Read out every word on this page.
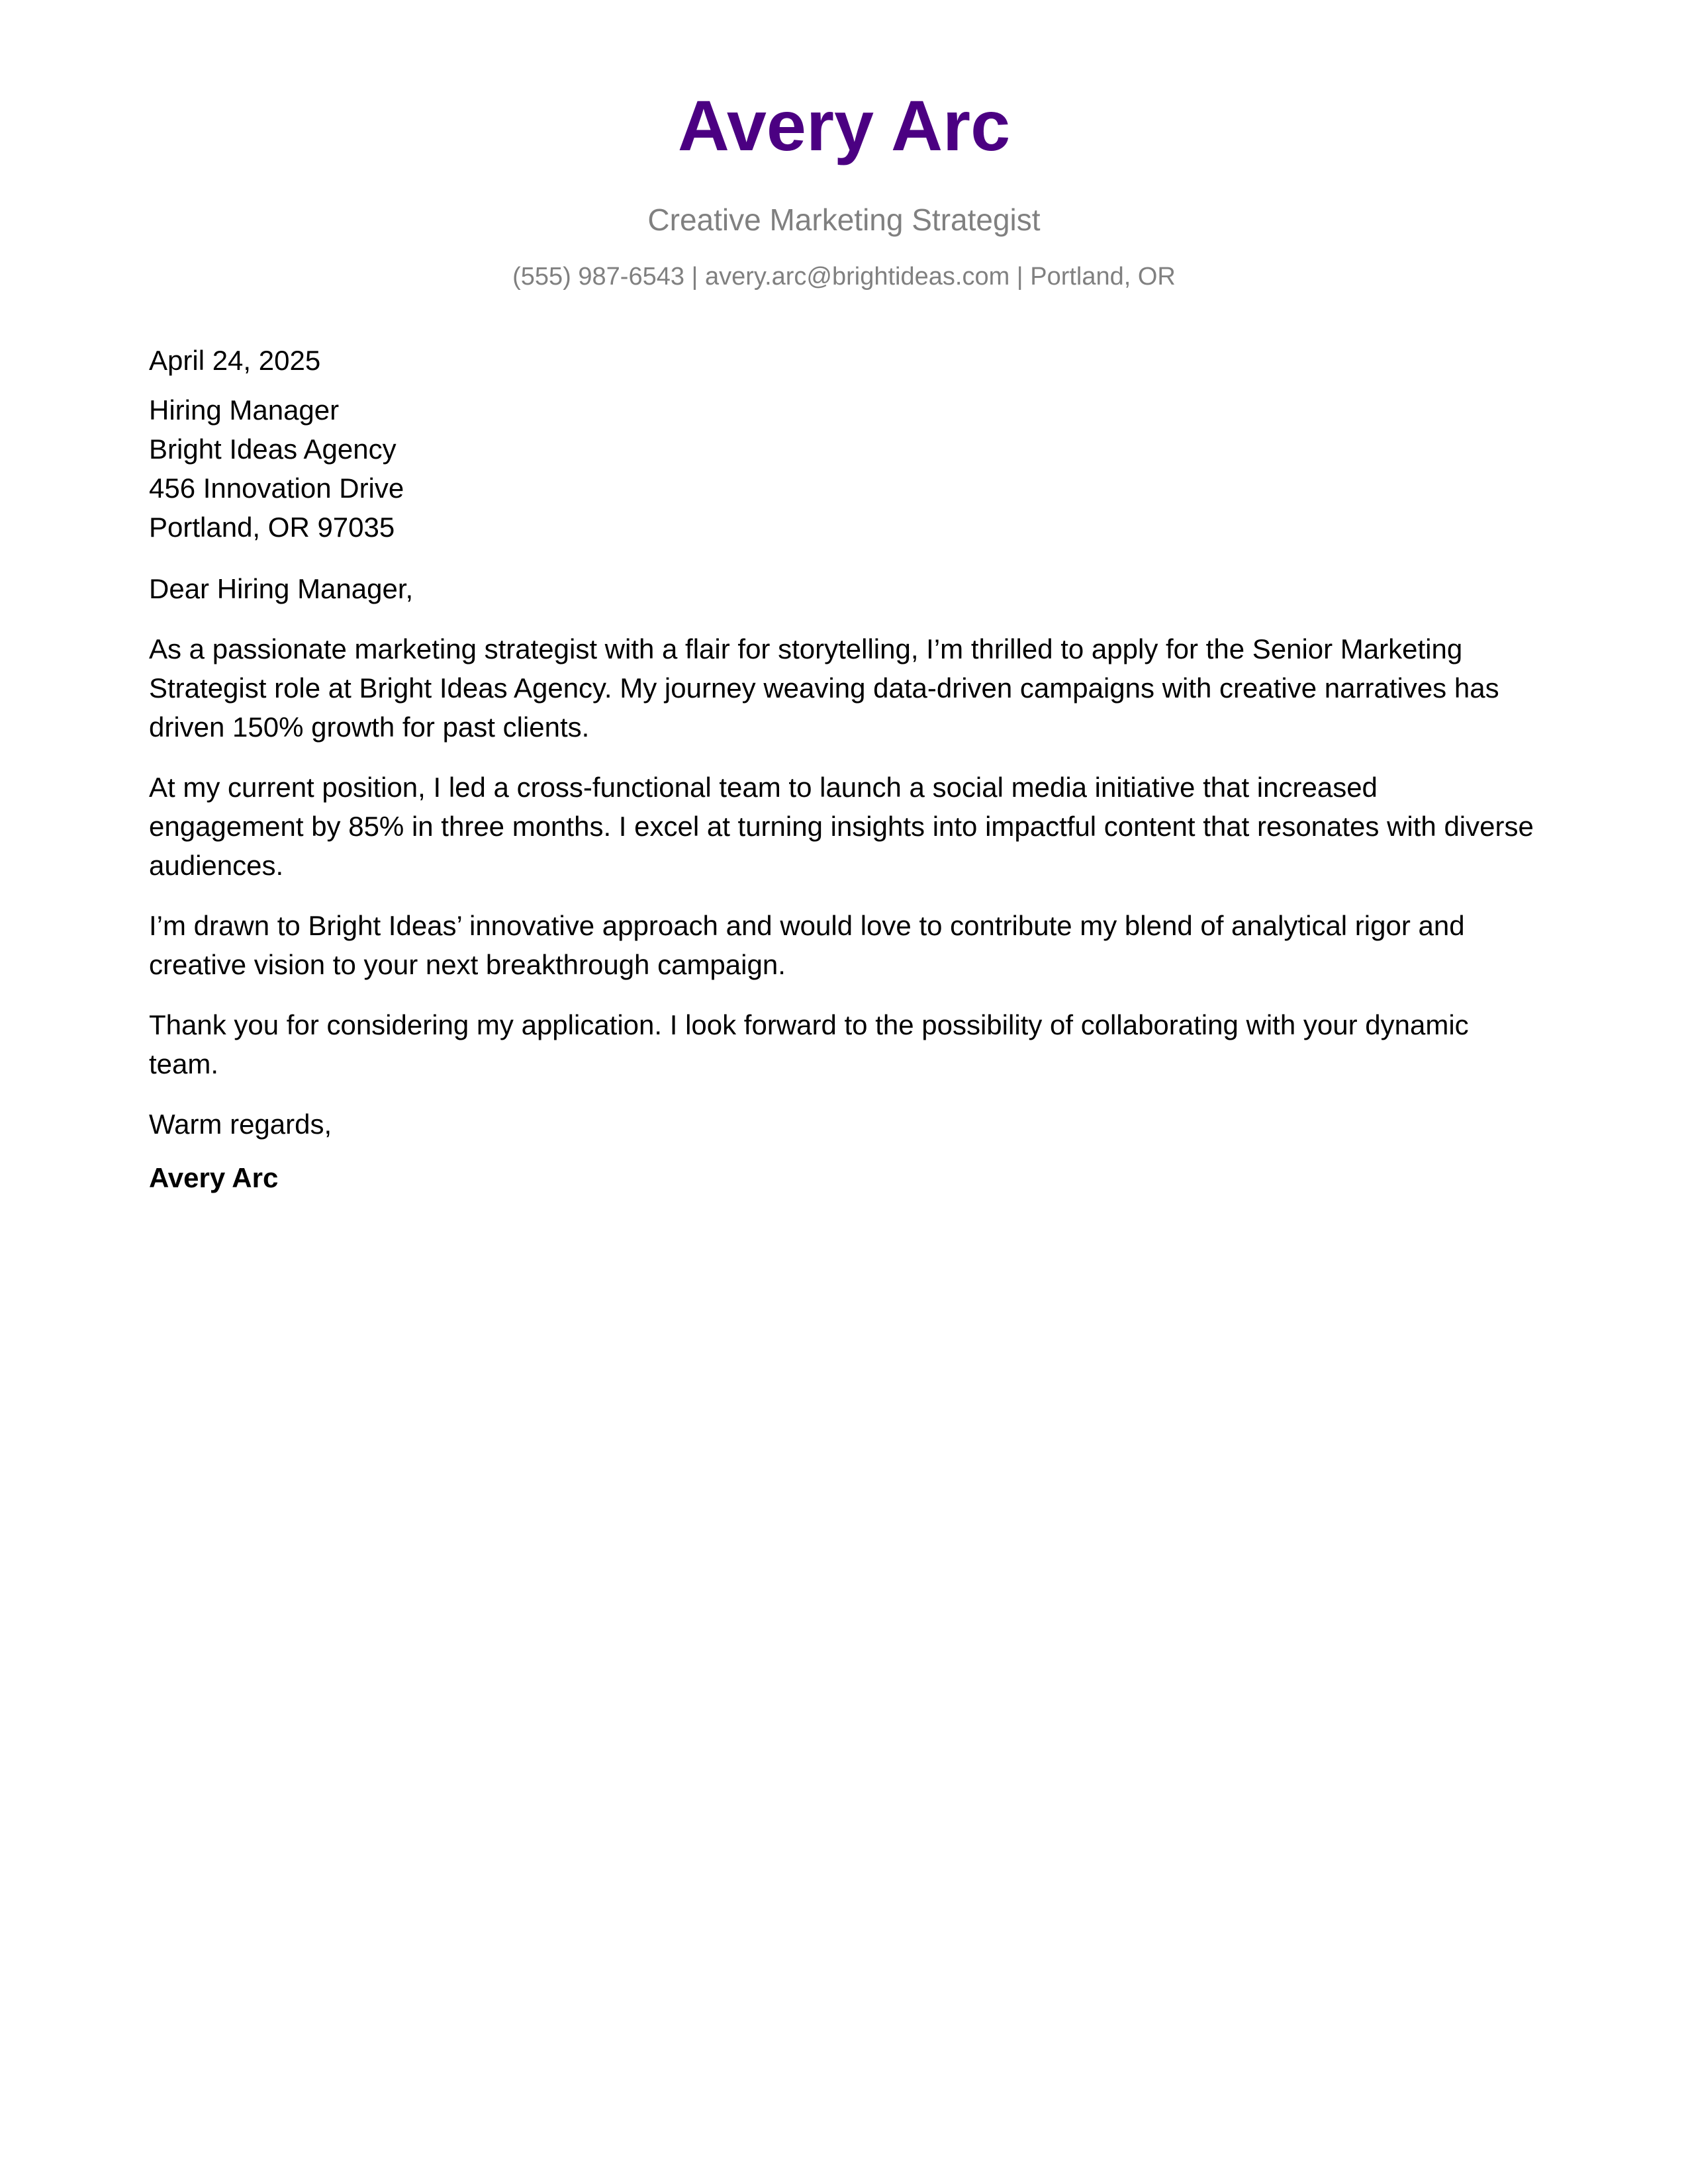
Avery Arc
Creative Marketing Strategist
(555) 987-6543 | avery.arc@brightideas.com | Portland, OR
April 24, 2025
Hiring Manager
Bright Ideas Agency
456 Innovation Drive
Portland, OR 97035

Dear Hiring Manager,

As a passionate marketing strategist with a flair for storytelling, I’m thrilled to apply for the Senior Marketing Strategist role at Bright Ideas Agency. My journey weaving data-driven campaigns with creative narratives has driven 150% growth for past clients.

At my current position, I led a cross-functional team to launch a social media initiative that increased engagement by 85% in three months. I excel at turning insights into impactful content that resonates with diverse audiences.

I’m drawn to Bright Ideas’ innovative approach and would love to contribute my blend of analytical rigor and creative vision to your next breakthrough campaign.

Thank you for considering my application. I look forward to the possibility of collaborating with your dynamic team.

Warm regards,
Avery Arc
